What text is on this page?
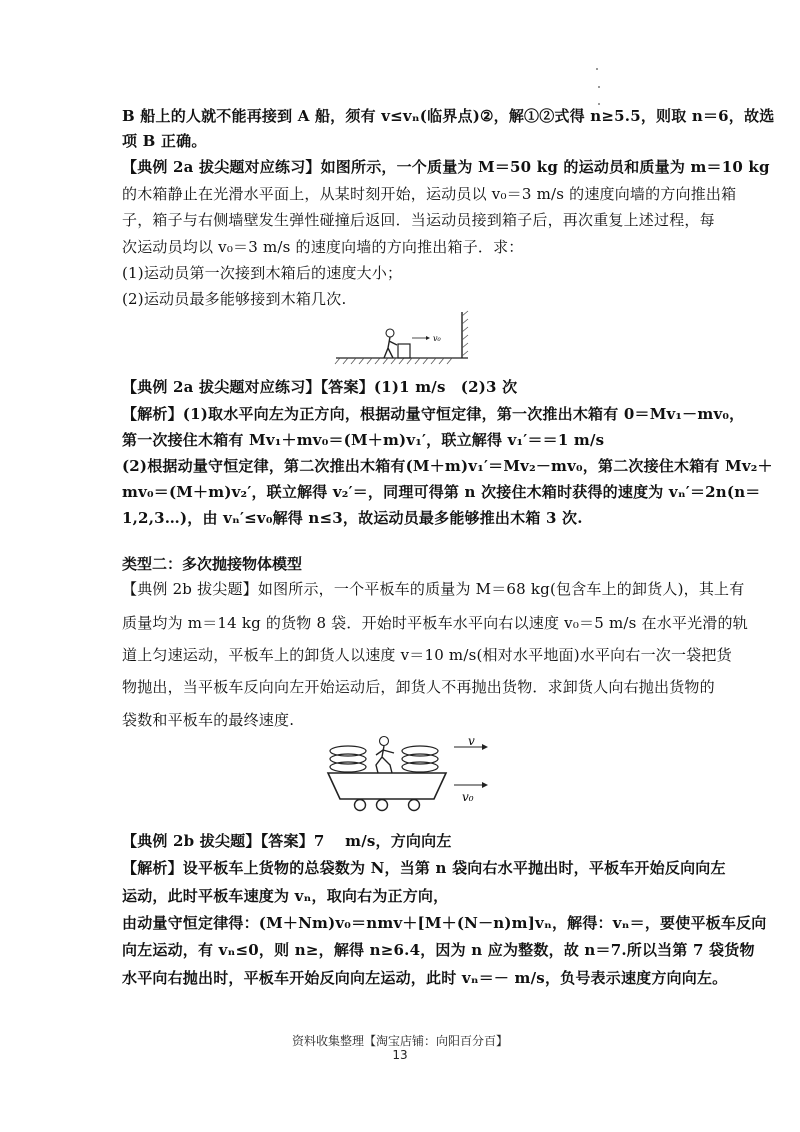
B 船上的人就不能再接到 A 船，须有 v≤vₙ(临界点)②，解①②式得 n≥5.5，则取 n＝6，故选
项 B 正确。
【典例 2a 拔尖题对应练习】如图所示，一个质量为 M＝50 kg 的运动员和质量为 m＝10 kg
的木箱静止在光滑水平面上，从某时刻开始，运动员以 v₀＝3 m/s 的速度向墙的方向推出箱
子，箱子与右侧墙壁发生弹性碰撞后返回．当运动员接到箱子后，再次重复上述过程，每
次运动员均以 v₀＝3 m/s 的速度向墙的方向推出箱子．求：
(1)运动员第一次接到木箱后的速度大小；
(2)运动员最多能够接到木箱几次.
v₀
【典例 2a 拔尖题对应练习】【答案】(1)1 m/s　(2)3 次
【解析】(1)取水平向左为正方向，根据动量守恒定律，第一次推出木箱有 0＝Mv₁－mv₀，
第一次接住木箱有 Mv₁＋mv₀＝(M＋m)v₁′，联立解得 v₁′＝＝1 m/s
(2)根据动量守恒定律，第二次推出木箱有(M＋m)v₁′＝Mv₂－mv₀，第二次接住木箱有 Mv₂＋
mv₀＝(M＋m)v₂′，联立解得 v₂′＝，同理可得第 n 次接住木箱时获得的速度为 vₙ′＝2n(n＝
1,2,3…)，由 vₙ′≤v₀解得 n≤3，故运动员最多能够推出木箱 3 次.
类型二：多次抛接物体模型
【典例 2b 拔尖题】如图所示，一个平板车的质量为 M＝68 kg(包含车上的卸货人)，其上有
质量均为 m＝14 kg 的货物 8 袋．开始时平板车水平向右以速度 v₀＝5 m/s 在水平光滑的轨
道上匀速运动，平板车上的卸货人以速度 v＝10 m/s(相对水平地面)水平向右一次一袋把货
物抛出，当平板车反向向左开始运动后，卸货人不再抛出货物．求卸货人向右抛出货物的
袋数和平板车的最终速度.
v
v₀
【典例 2b 拔尖题】【答案】7　 m/s，方向向左
【解析】设平板车上货物的总袋数为 N，当第 n 袋向右水平抛出时，平板车开始反向向左
运动，此时平板车速度为 vₙ，取向右为正方向，
由动量守恒定律得：(M＋Nm)v₀＝nmv＋[M＋(N－n)m]vₙ，解得：vₙ＝，要使平板车反向
向左运动，有 vₙ≤0，则 n≥，解得 n≥6.4，因为 n 应为整数，故 n＝7.所以当第 7 袋货物
水平向右抛出时，平板车开始反向向左运动，此时 vₙ＝－ m/s，负号表示速度方向向左。
资料收集整理【淘宝店铺：向阳百分百】
13
